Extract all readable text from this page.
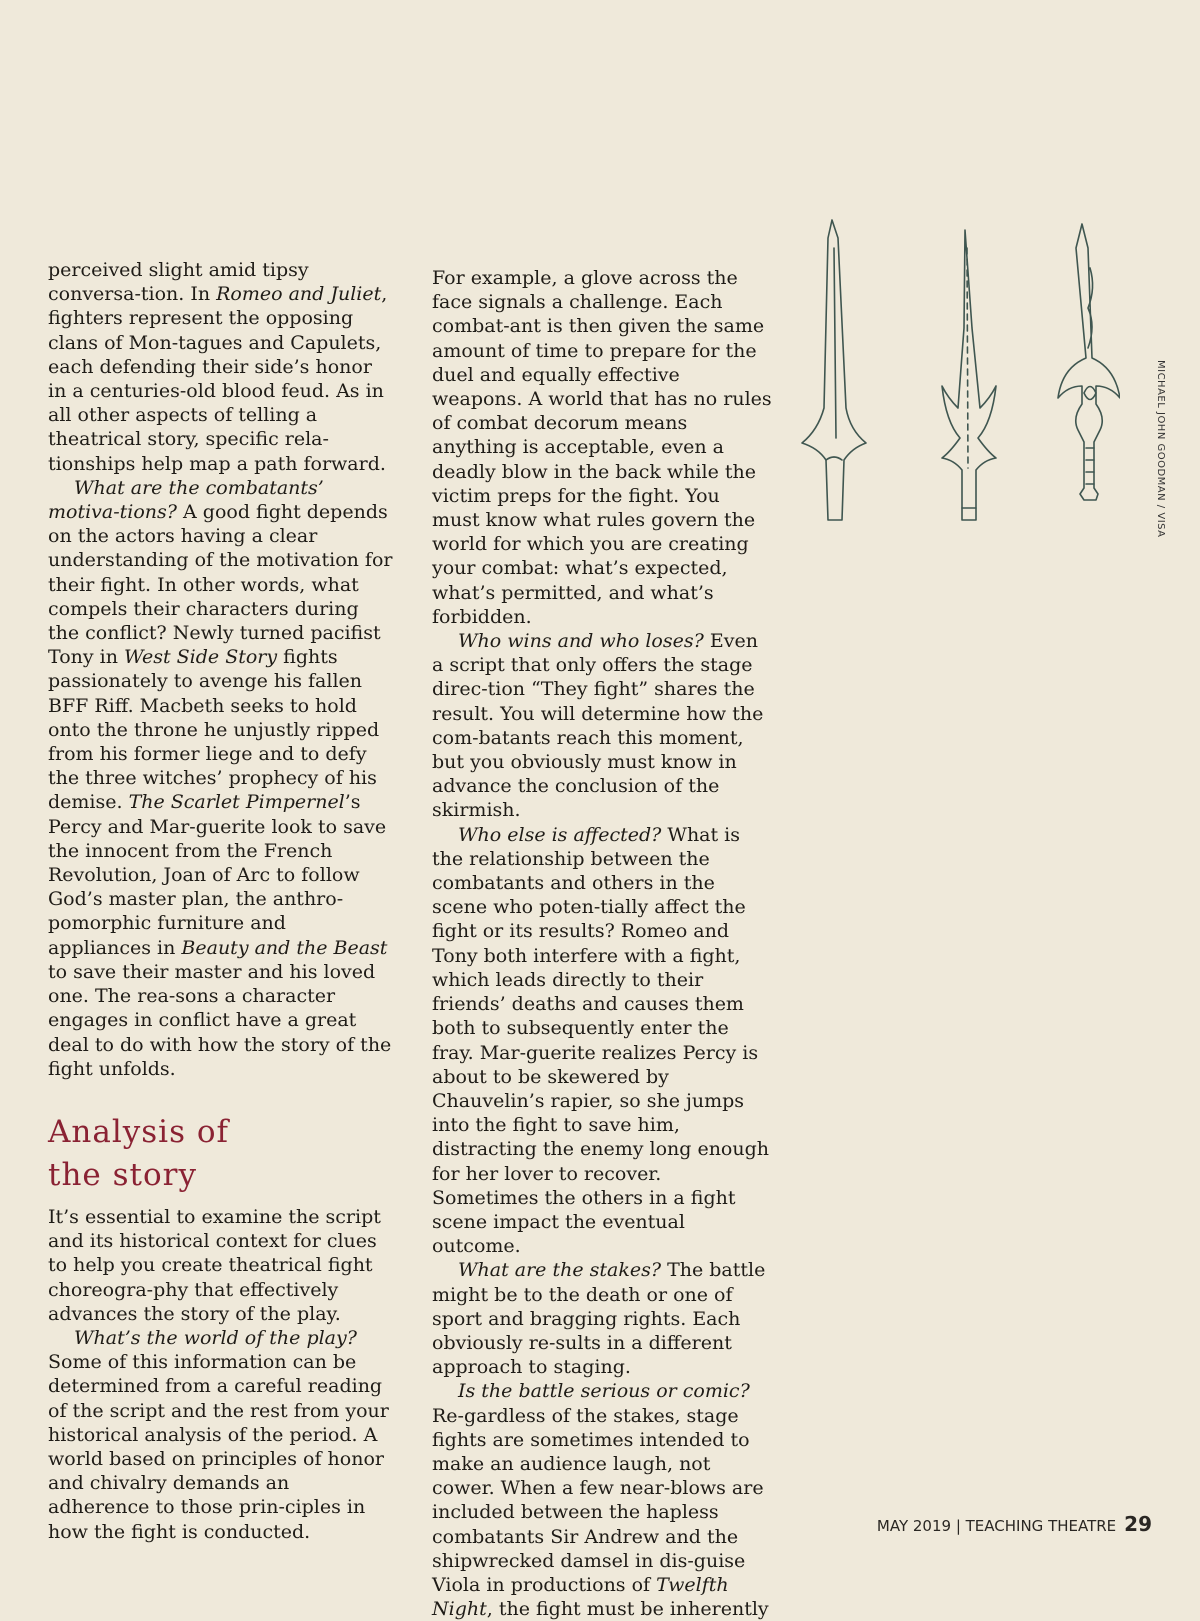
perceived slight amid tipsy conversa-tion. In Romeo and Juliet, fighters represent the opposing clans of Mon-tagues and Capulets, each defending their side’s honor in a centuries-old blood feud. As in all other aspects of telling a theatrical story, specific rela-tionships help map a path forward.

What are the combatants’ motiva-tions? A good fight depends on the actors having a clear understanding of the motivation for their fight. In other words, what compels their characters during the conflict? Newly turned pacifist Tony in West Side Story fights passionately to avenge his fallen BFF Riff. Macbeth seeks to hold onto the throne he unjustly ripped from his former liege and to defy the three witches’ prophecy of his demise. The Scarlet Pimpernel’s Percy and Mar-guerite look to save the innocent from the French Revolution, Joan of Arc to follow God’s master plan, the anthro-pomorphic furniture and appliances in Beauty and the Beast to save their master and his loved one. The rea-sons a character engages in conflict have a great deal to do with how the story of the fight unfolds.

Analysis of
the story

It’s essential to examine the script and its historical context for clues to help you create theatrical fight choreogra-phy that effectively advances the story of the play.

What’s the world of the play? Some of this information can be determined from a careful reading of the script and the rest from your historical analysis of the period. A world based on principles of honor and chivalry demands an adherence to those prin-ciples in how the fight is conducted.

For example, a glove across the face signals a challenge. Each combat-ant is then given the same amount of time to prepare for the duel and equally effective weapons. A world that has no rules of combat decorum means anything is acceptable, even a deadly blow in the back while the victim preps for the fight. You must know what rules govern the world for which you are creating your combat: what’s expected, what’s permitted, and what’s forbidden.

Who wins and who loses? Even a script that only offers the stage direc-tion “They fight” shares the result. You will determine how the com-batants reach this moment, but you obviously must know in advance the conclusion of the skirmish.

Who else is affected? What is the relationship between the combatants and others in the scene who poten-tially affect the fight or its results? Romeo and Tony both interfere with a fight, which leads directly to their friends’ deaths and causes them both to subsequently enter the fray. Mar-guerite realizes Percy is about to be skewered by Chauvelin’s rapier, so she jumps into the fight to save him, distracting the enemy long enough for her lover to recover. Sometimes the others in a fight scene impact the eventual outcome.

What are the stakes? The battle might be to the death or one of sport and bragging rights. Each obviously re-sults in a different approach to staging.

Is the battle serious or comic? Re-gardless of the stakes, stage fights are sometimes intended to make an audience laugh, not cower. When a few near-blows are included between the hapless combatants Sir Andrew and the shipwrecked damsel in dis-guise Viola in productions of Twelfth Night, the fight must be inherently

MICHAEL JOHN GOODMAN / VISA
MAY 2019 | TEACHING THEATRE 29
